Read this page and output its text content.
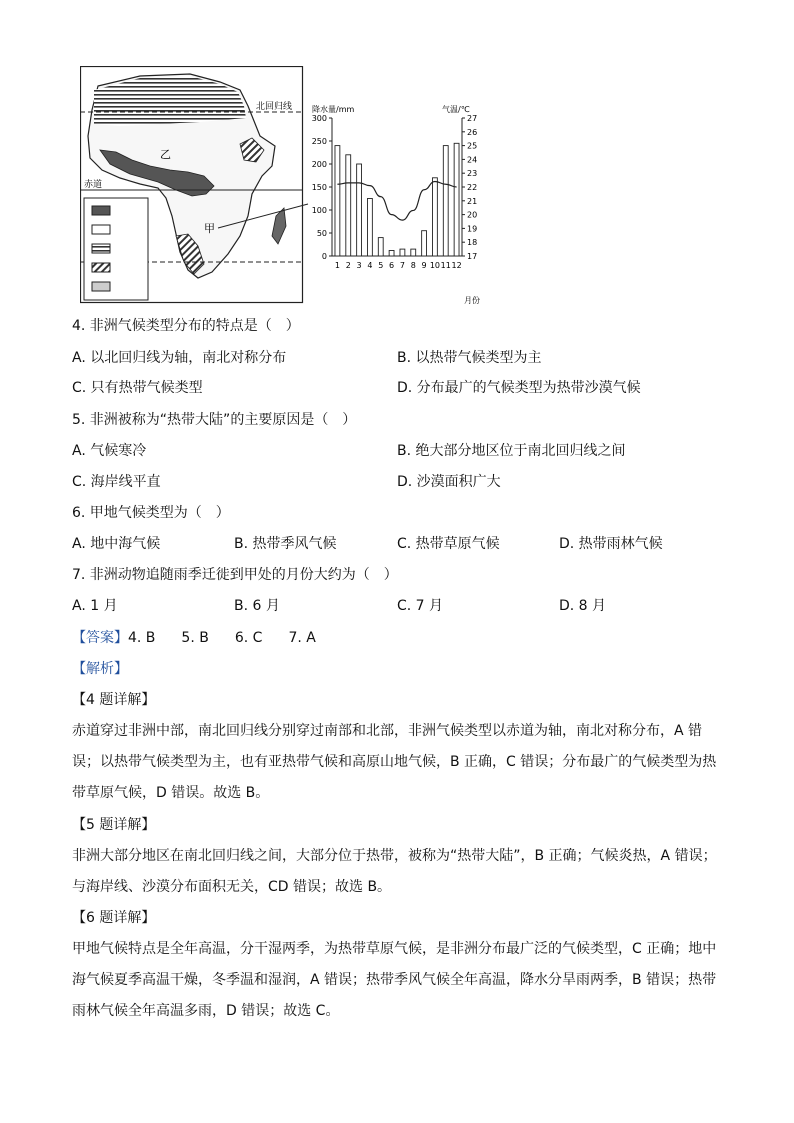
北回归线
赤道
乙
甲
降水量/mm	气温/℃
1 2 3 4 5 6 7 8 9 10 11 12
0
50
100
150
200
250
300
17
18
19
20
21
22
23
24
25
26
27
月份
4. 非洲气候类型分布的特点是（　）
A. 以北回归线为轴，南北对称分布	B. 以热带气候类型为主
C. 只有热带气候类型	D. 分布最广的气候类型为热带沙漠气候
5. 非洲被称为“热带大陆”的主要原因是（　）
A. 气候寒冷	B. 绝大部分地区位于南北回归线之间
C. 海岸线平直	D. 沙漠面积广大
6. 甲地气候类型为（　）
A. 地中海气候	B. 热带季风气候	C. 热带草原气候	D. 热带雨林气候
7. 非洲动物追随雨季迁徙到甲处的月份大约为（　）
A. 1 月	B. 6 月	C. 7 月	D. 8 月
【答案】4. B 5. B 6. C 7. A
【解析】
【4 题详解】
赤道穿过非洲中部，南北回归线分别穿过南部和北部，非洲气候类型以赤道为轴，南北对称分布，A 错误；以热带气候类型为主，也有亚热带气候和高原山地气候，B 正确，C 错误；分布最广的气候类型为热带草原气候，D 错误。故选 B。
【5 题详解】
非洲大部分地区在南北回归线之间，大部分位于热带，被称为“热带大陆”，B 正确；气候炎热，A 错误；与海岸线、沙漠分布面积无关，CD 错误；故选 B。
【6 题详解】
甲地气候特点是全年高温，分干湿两季，为热带草原气候，是非洲分布最广泛的气候类型，C 正确；地中海气候夏季高温干燥，冬季温和湿润，A 错误；热带季风气候全年高温，降水分旱雨两季，B 错误；热带雨林气候全年高温多雨，D 错误；故选 C。
